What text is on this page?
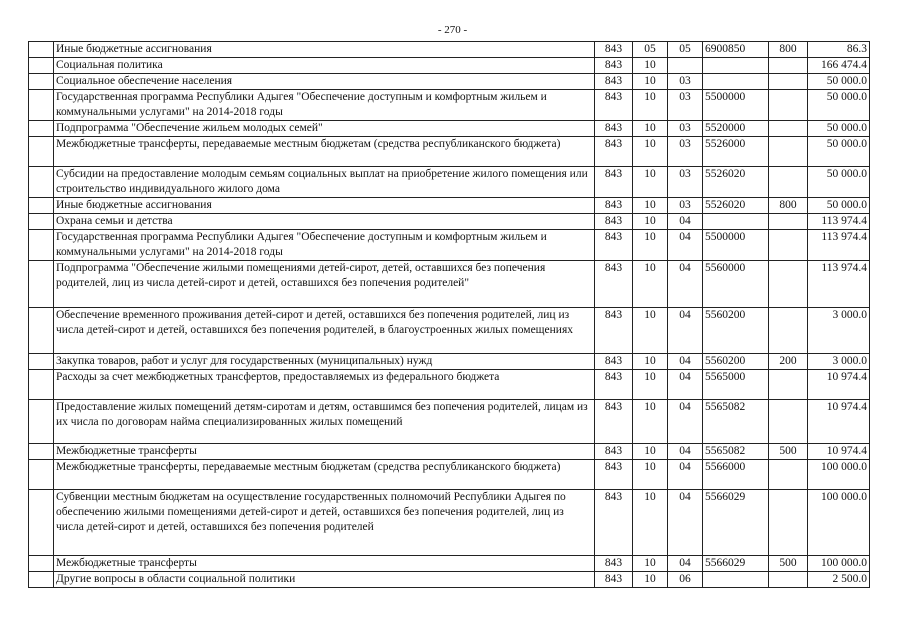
- 270 -
	Иные бюджетные ассигнования	843	05	05	6900850	800	86.3
	Социальная политика	843	10				166 474.4
	Социальное обеспечение населения	843	10	03			50 000.0
	Государственная программа Республики Адыгея "Обеспечение доступным и комфортным жильем и коммунальными услугами" на 2014-2018 годы	843	10	03	5500000		50 000.0
	Подпрограмма "Обеспечение жильем молодых семей"	843	10	03	5520000		50 000.0
	Межбюджетные трансферты, передаваемые местным бюджетам (средства республиканского бюджета)	843	10	03	5526000		50 000.0
	Субсидии на предоставление молодым семьям социальных выплат на приобретение жилого помещения или строительство индивидуального жилого дома	843	10	03	5526020		50 000.0
	Иные бюджетные ассигнования	843	10	03	5526020	800	50 000.0
	Охрана семьи и детства	843	10	04			113 974.4
	Государственная программа Республики Адыгея "Обеспечение доступным и комфортным жильем и коммунальными услугами" на 2014-2018 годы	843	10	04	5500000		113 974.4
	Подпрограмма "Обеспечение жилыми помещениями детей-сирот, детей, оставшихся без попечения родителей, лиц из числа детей-сирот и детей, оставшихся без попечения родителей"	843	10	04	5560000		113 974.4
	Обеспечение временного проживания детей-сирот и детей, оставшихся без попечения родителей, лиц из числа детей-сирот и детей, оставшихся без попечения родителей, в благоустроенных жилых помещениях	843	10	04	5560200		3 000.0
	Закупка товаров, работ и услуг для государственных (муниципальных) нужд	843	10	04	5560200	200	3 000.0
	Расходы за счет межбюджетных трансфертов, предоставляемых из федерального бюджета	843	10	04	5565000		10 974.4
	Предоставление жилых помещений детям-сиротам и детям, оставшимся без попечения родителей, лицам из их числа по договорам найма специализированных жилых помещений	843	10	04	5565082		10 974.4
	Межбюджетные трансферты	843	10	04	5565082	500	10 974.4
	Межбюджетные трансферты, передаваемые местным бюджетам (средства республиканского бюджета)	843	10	04	5566000		100 000.0
	Субвенции местным бюджетам на осуществление государственных полномочий Республики Адыгея по обеспечению жилыми помещениями детей-сирот и детей, оставшихся без попечения родителей, лиц из числа детей-сирот и детей, оставшихся без попечения родителей	843	10	04	5566029		100 000.0
	Межбюджетные трансферты	843	10	04	5566029	500	100 000.0
	Другие вопросы в области социальной политики	843	10	06			2 500.0
